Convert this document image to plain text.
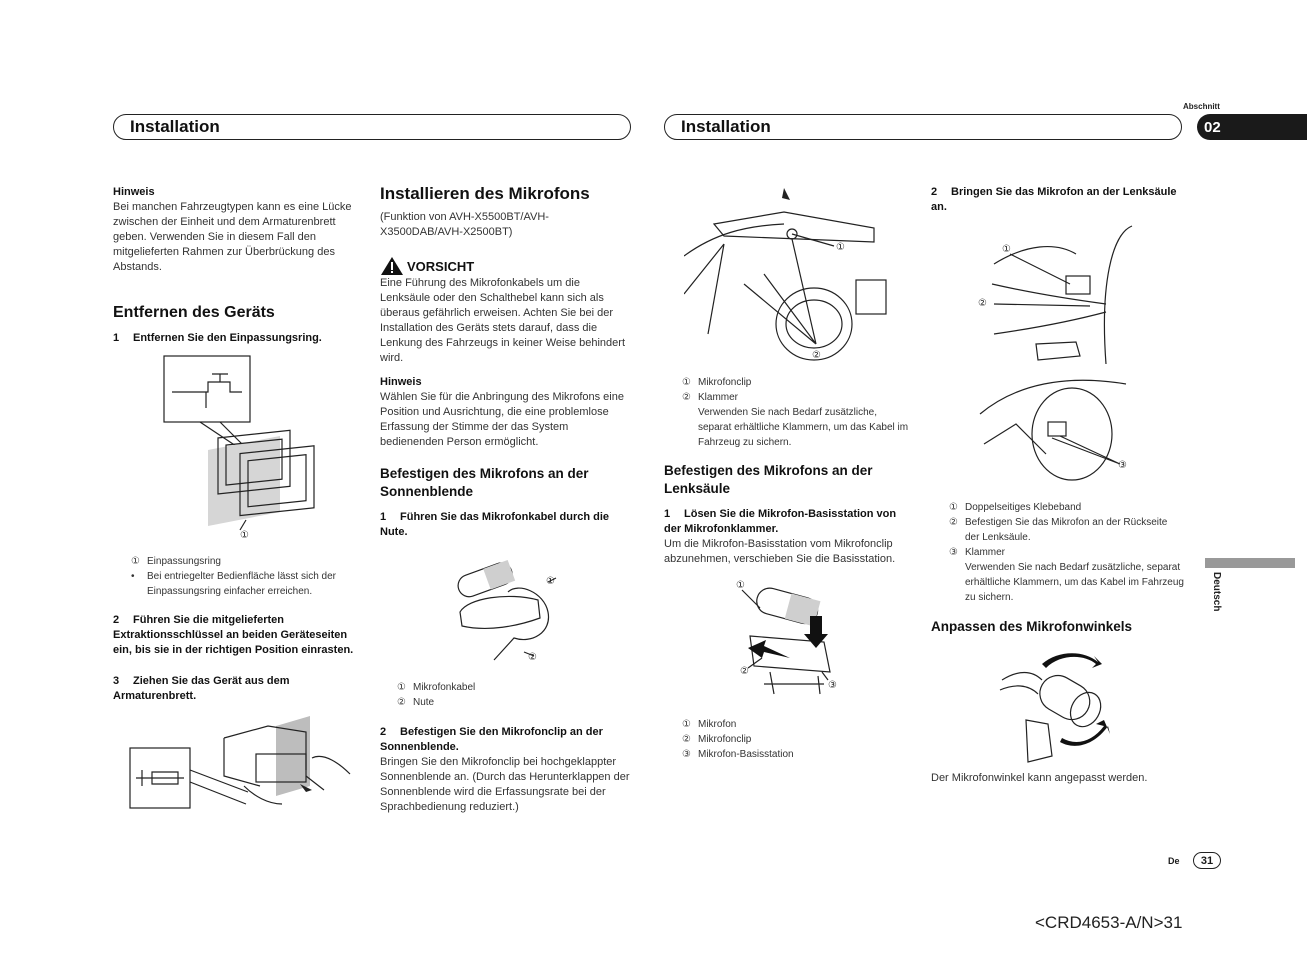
Installation	Installation
Abschnitt
02
Hinweis
Bei manchen Fahrzeugtypen kann es eine Lücke zwischen der Einheit und dem Armaturenbrett geben. Verwenden Sie in diesem Fall den mitgelieferten Rahmen zur Überbrückung des Abstands.
Entfernen des Geräts
1 Entfernen Sie den Einpassungsring.
①
① Einpassungsring
•	Bei entriegelter Bedienfläche lässt sich der Einpassungsring einfacher erreichen.
2 Führen Sie die mitgelieferten Extraktionsschlüssel an beiden Geräteseiten ein, bis sie in der richtigen Position einrasten.
3 Ziehen Sie das Gerät aus dem Armaturenbrett.
Installieren des Mikrofons
(Funktion von AVH-X5500BT/AVH-X3500DAB/AVH-X2500BT)
VORSICHT
Eine Führung des Mikrofonkabels um die Lenksäule oder den Schalthebel kann sich als überaus gefährlich erweisen. Achten Sie bei der Installation des Geräts stets darauf, dass die Lenkung des Fahrzeugs in keiner Weise behindert wird.
Hinweis
Wählen Sie für die Anbringung des Mikrofons eine Position und Ausrichtung, die eine problemlose Erfassung der Stimme der das System bedienenden Person ermöglicht.
Befestigen des Mikrofons an der Sonnenblende
1 Führen Sie das Mikrofonkabel durch die Nute.
①
②
① Mikrofonkabel
② Nute
2 Befestigen Sie den Mikrofonclip an der Sonnenblende.
Bringen Sie den Mikrofonclip bei hochgeklappter Sonnenblende an. (Durch das Herunterklappen der Sonnenblende wird die Erfassungsrate bei der Sprachbedienung reduziert.)
①
②
① Mikrofonclip
② Klammer
Verwenden Sie nach Bedarf zusätzliche, separat erhältliche Klammern, um das Kabel im Fahrzeug zu sichern.
Befestigen des Mikrofons an der Lenksäule
1 Lösen Sie die Mikrofon-Basisstation von der Mikrofonklammer.
Um die Mikrofon-Basisstation vom Mikrofonclip abzunehmen, verschieben Sie die Basisstation.
①
②
③
① Mikrofon
② Mikrofonclip
③ Mikrofon-Basisstation
2 Bringen Sie das Mikrofon an der Lenksäule an.
①
②
③
① Doppelseitiges Klebeband
② Befestigen Sie das Mikrofon an der Rückseite der Lenksäule.
③ Klammer
Verwenden Sie nach Bedarf zusätzliche, separat erhältliche Klammern, um das Kabel im Fahrzeug zu sichern.
Anpassen des Mikrofonwinkels
Der Mikrofonwinkel kann angepasst werden.
Deutsch
De 31
<CRD4653-A/N>31
